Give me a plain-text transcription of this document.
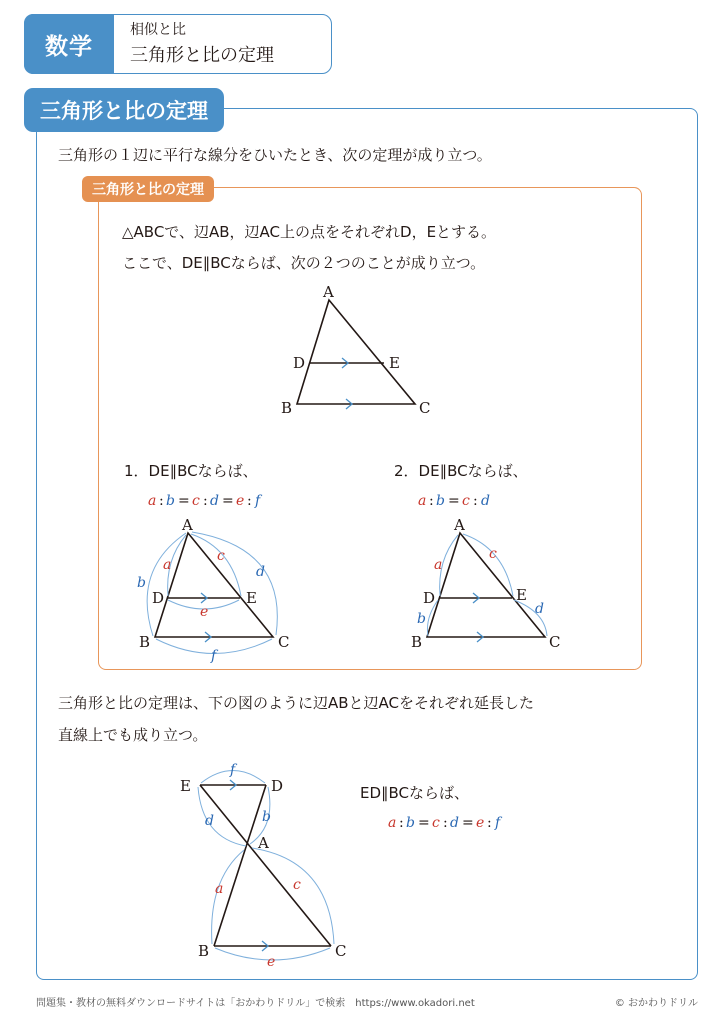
数学
相似と比
三角形と比の定理
三角形と比の定理
三角形の１辺に平行な線分をひいたとき、次の定理が成り立つ。
三角形と比の定理
△ABCで、辺AB，辺AC上の点をそれぞれD，Eとする。
ここで、DE∥BCならば、次の２つのことが成り立つ。
1．DE∥BCならば、	2．DE∥BCならば、
三角形と比の定理は、下の図のように辺ABと辺ACをそれぞれ延長した
直線上でも成り立つ。
ED∥BCならば、
A
D	E
B	C
a : b = c : d = e : f	a : b = c : d
A
D	E
B	C
a
b
c
d
e
f
A
D	E
B	C
a
b
c
d
E	D
A
B	C
f
d	b
a	c
e
a : b = c : d = e : f
問題集・教材の無料ダウンロードサイトは「おかわりドリル」で検索　https://www.okadori.net	© おかわりドリル
